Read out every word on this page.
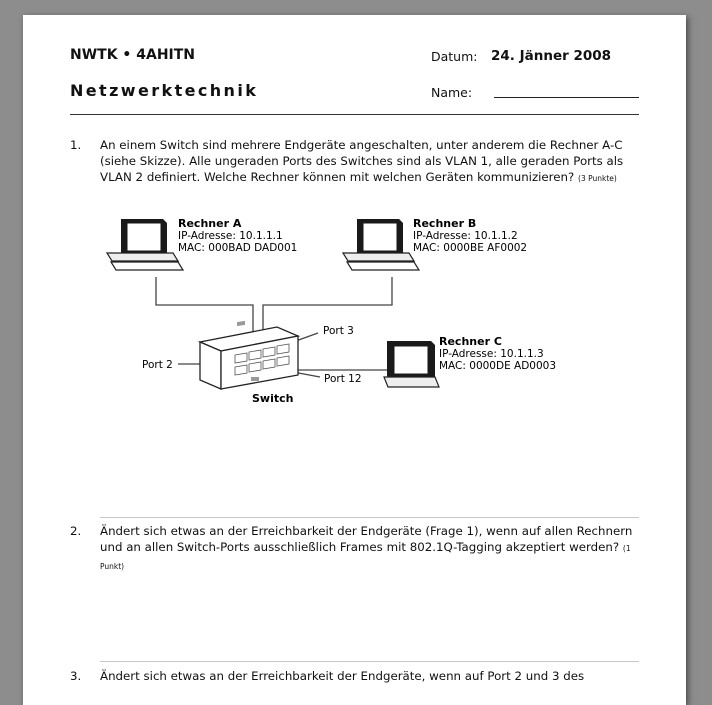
NWTK • 4AHITN
Netzwerktechnik
Datum: 24. Jänner 2008
Name:
1. An einem Switch sind mehrere Endgeräte angeschalten, unter anderem die Rechner A-C (siehe Skizze). Alle ungeraden Ports des Switches sind als VLAN 1, alle geraden Ports als VLAN 2 definiert. Welche Rechner können mit welchen Geräten kommunizieren? (3 Punkte)
Rechner A
IP-Adresse: 10.1.1.1
MAC: 000BAD DAD001
Rechner B
IP-Adresse: 10.1.1.2
MAC: 0000BE AF0002
Rechner C
IP-Adresse: 10.1.1.3
MAC: 0000DE AD0003
Port 3
Port 2
Port 12
Switch
2. Ändert sich etwas an der Erreichbarkeit der Endgeräte (Frage 1), wenn auf allen Rechnern und an allen Switch-Ports ausschließlich Frames mit 802.1Q-Tagging akzeptiert werden? (1 Punkt)
3. Ändert sich etwas an der Erreichbarkeit der Endgeräte, wenn auf Port 2 und 3 des
